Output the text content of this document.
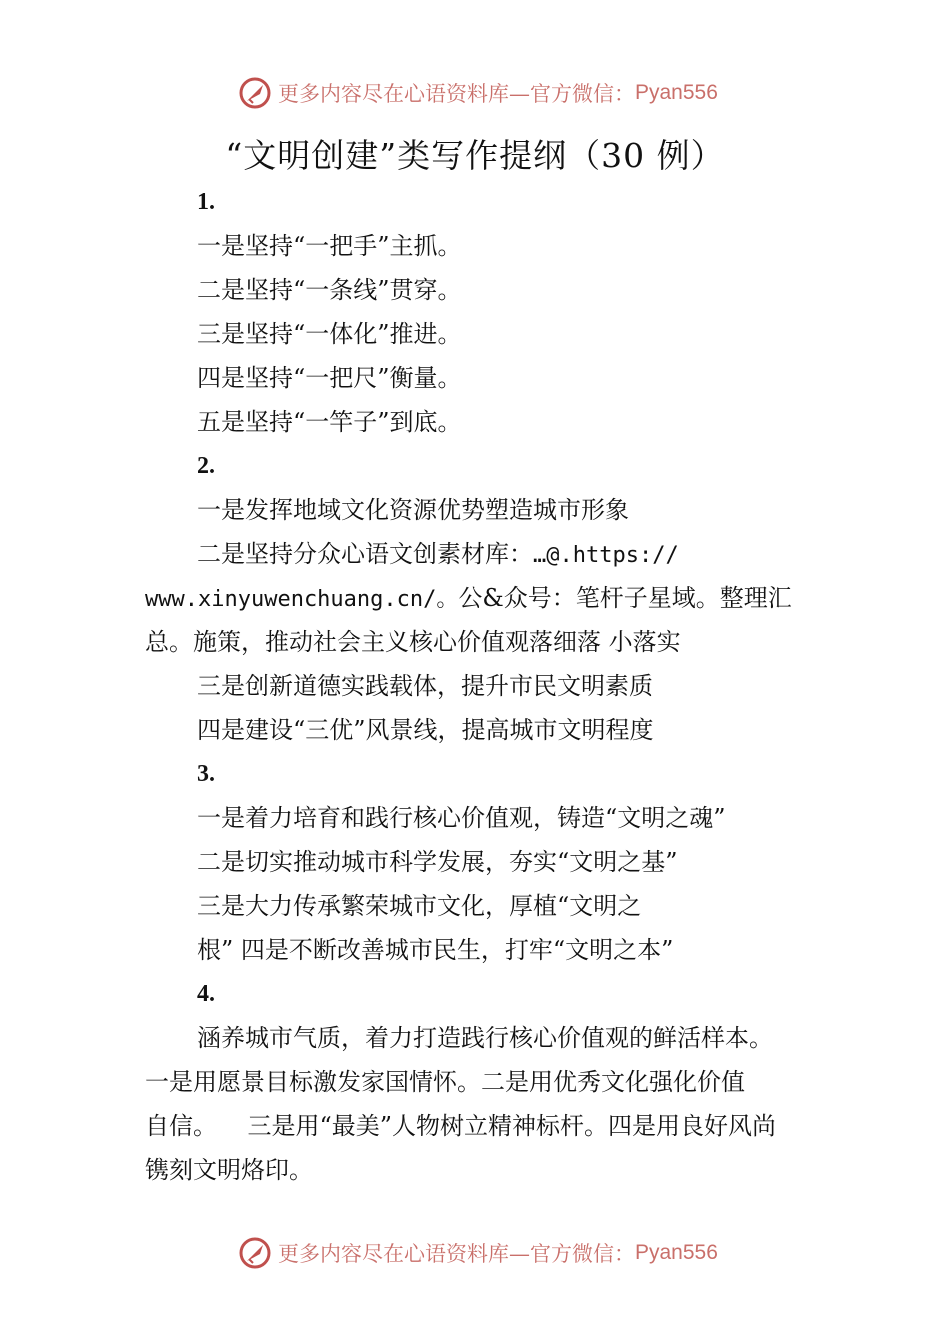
更多内容尽在心语资料库—官方微信： Pyan556
“文明创建”类写作提纲（30 例）
1.
一是坚持“一把手”主抓。
二是坚持“一条线”贯穿。
三是坚持“一体化”推进。
四是坚持“一把尺”衡量。
五是坚持“一竿子”到底。
2.
一是发挥地域文化资源优势塑造城市形象
二是坚持分众心语文创素材库：…@.https://
www.xinyuwenchuang.cn/。公&众号：笔杆子星域。整理汇
总。施策，推动社会主义核心价值观落细落 小落实
三是创新道德实践载体，提升市民文明素质
四是建设“三优”风景线，提高城市文明程度
3.
一是着力培育和践行核心价值观，铸造“文明之魂”
二是切实推动城市科学发展，夯实“文明之基”
三是大力传承繁荣城市文化，厚植“文明之
根” 四是不断改善城市民生，打牢“文明之本”
4.
涵养城市气质，着力打造践行核心价值观的鲜活样本。
一是用愿景目标激发家国情怀。二是用优秀文化强化价值
自信。    三是用“最美”人物树立精神标杆。四是用良好风尚
镌刻文明烙印。
更多内容尽在心语资料库—官方微信： Pyan556
